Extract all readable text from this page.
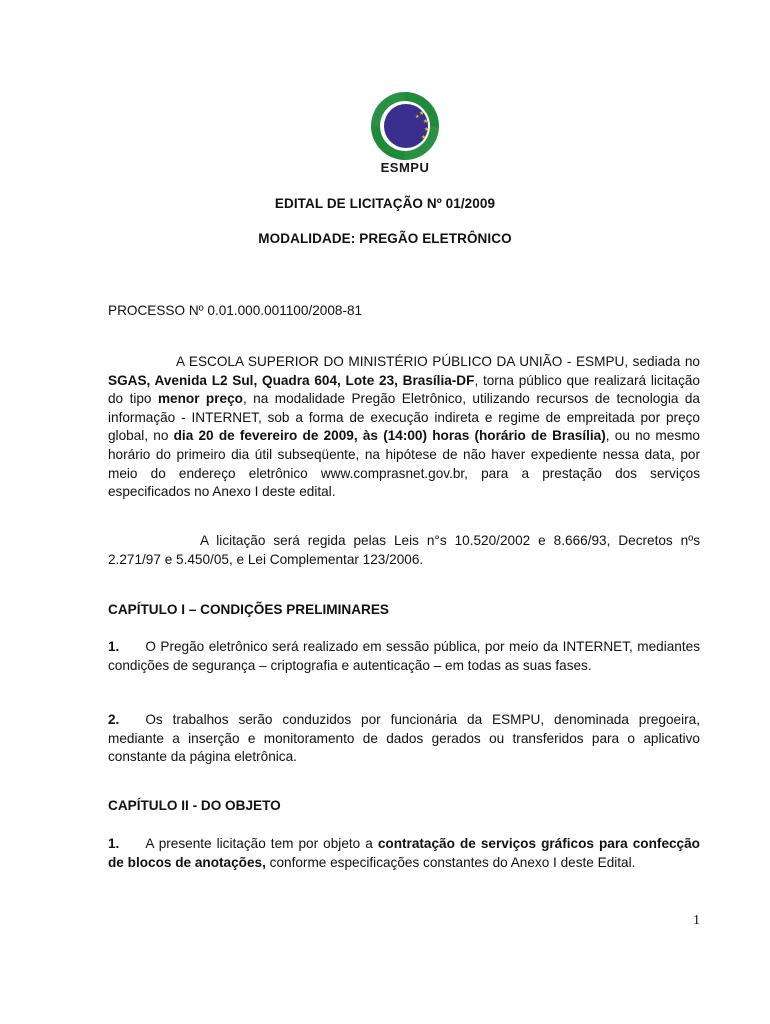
★
★
★
★
★
ESMPU
EDITAL DE LICITAÇÃO Nº 01/2009
MODALIDADE: PREGÃO ELETRÔNICO
PROCESSO Nº 0.01.000.001100/2008-81
A ESCOLA SUPERIOR DO MINISTÉRIO PÚBLICO DA UNIÃO - ESMPU, sediada no SGAS, Avenida L2 Sul, Quadra 604, Lote 23, Brasília-DF, torna público que realizará licitação do tipo menor preço, na modalidade Pregão Eletrônico, utilizando recursos de tecnologia da informação - INTERNET, sob a forma de execução indireta e regime de empreitada por preço global, no dia 20 de fevereiro de 2009, às (14:00) horas (horário de Brasília), ou no mesmo horário do primeiro dia útil subseqüente, na hipótese de não haver expediente nessa data, por meio do endereço eletrônico www.comprasnet.gov.br, para a prestação dos serviços especificados no Anexo I deste edital.
A licitação será regida pelas Leis n°s 10.520/2002 e 8.666/93, Decretos nºs 2.271/97 e 5.450/05, e Lei Complementar 123/2006.
CAPÍTULO I – CONDIÇÕES PRELIMINARES
1. O Pregão eletrônico será realizado em sessão pública, por meio da INTERNET, mediantes condições de segurança – criptografia e autenticação – em todas as suas fases.
2. Os trabalhos serão conduzidos por funcionária da ESMPU, denominada pregoeira, mediante a inserção e monitoramento de dados gerados ou transferidos para o aplicativo constante da página eletrônica.
CAPÍTULO II - DO OBJETO
1. A presente licitação tem por objeto a contratação de serviços gráficos para confecção de blocos de anotações, conforme especificações constantes do Anexo I deste Edital.
1
